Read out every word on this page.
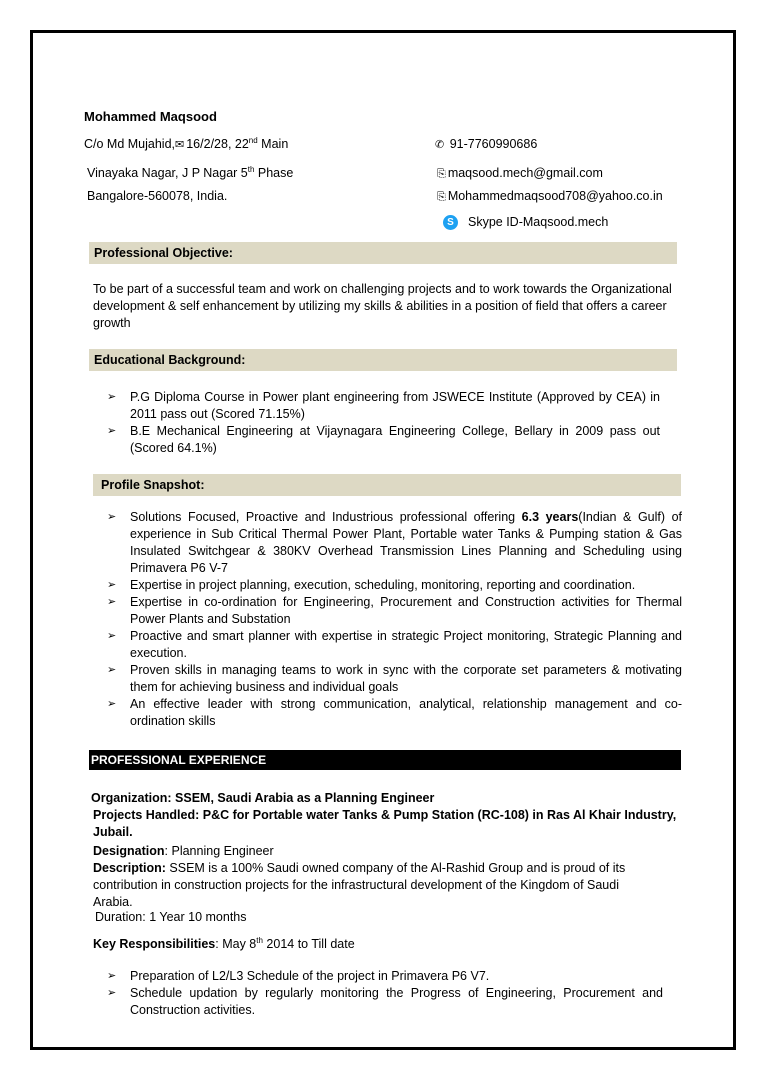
Mohammed Maqsood
C/o Md Mujahid,✉ 16/2/28, 22nd Main
Vinayaka Nagar, J P Nagar 5th Phase
Bangalore-560078, India.
✆ 91-7760990686
⎘ maqsood.mech@gmail.com
⎘ Mohammedmaqsood708@yahoo.co.in
S Skype ID-Maqsood.mech
Professional Objective:
To be part of a successful team and work on challenging projects and to work towards the Organizational development & self enhancement by utilizing my skills & abilities in a position of field that offers a career growth
Educational Background:
➢ P.G Diploma Course in Power plant engineering from JSWECE Institute (Approved by CEA) in 2011 pass out (Scored 71.15%)
➢ B.E Mechanical Engineering at Vijaynagara Engineering College, Bellary in 2009 pass out (Scored 64.1%)
Profile Snapshot:
➢ Solutions Focused, Proactive and Industrious professional offering 6.3 years(Indian & Gulf) of experience in Sub Critical Thermal Power Plant, Portable water Tanks & Pumping station & Gas Insulated Switchgear & 380KV Overhead Transmission Lines Planning and Scheduling using Primavera P6 V-7
➢ Expertise in project planning, execution, scheduling, monitoring, reporting and coordination.
➢ Expertise in co-ordination for Engineering, Procurement and Construction activities for Thermal Power Plants and Substation
➢ Proactive and smart planner with expertise in strategic Project monitoring, Strategic Planning and execution.
➢ Proven skills in managing teams to work in sync with the corporate set parameters & motivating them for achieving business and individual goals
➢ An effective leader with strong communication, analytical, relationship management and co-ordination skills
PROFESSIONAL EXPERIENCE
Organization: SSEM, Saudi Arabia as a Planning Engineer
Projects Handled: P&C for Portable water Tanks & Pump Station (RC-108) in Ras Al Khair Industry, Jubail.
Designation: Planning Engineer
Description: SSEM is a 100% Saudi owned company of the Al-Rashid Group and is proud of its contribution in construction projects for the infrastructural development of the Kingdom of Saudi Arabia.
Duration: 1 Year 10 months
Key Responsibilities: May 8th 2014 to Till date
➢ Preparation of L2/L3 Schedule of the project in Primavera P6 V7.
➢ Schedule updation by regularly monitoring the Progress of Engineering, Procurement and Construction activities.
